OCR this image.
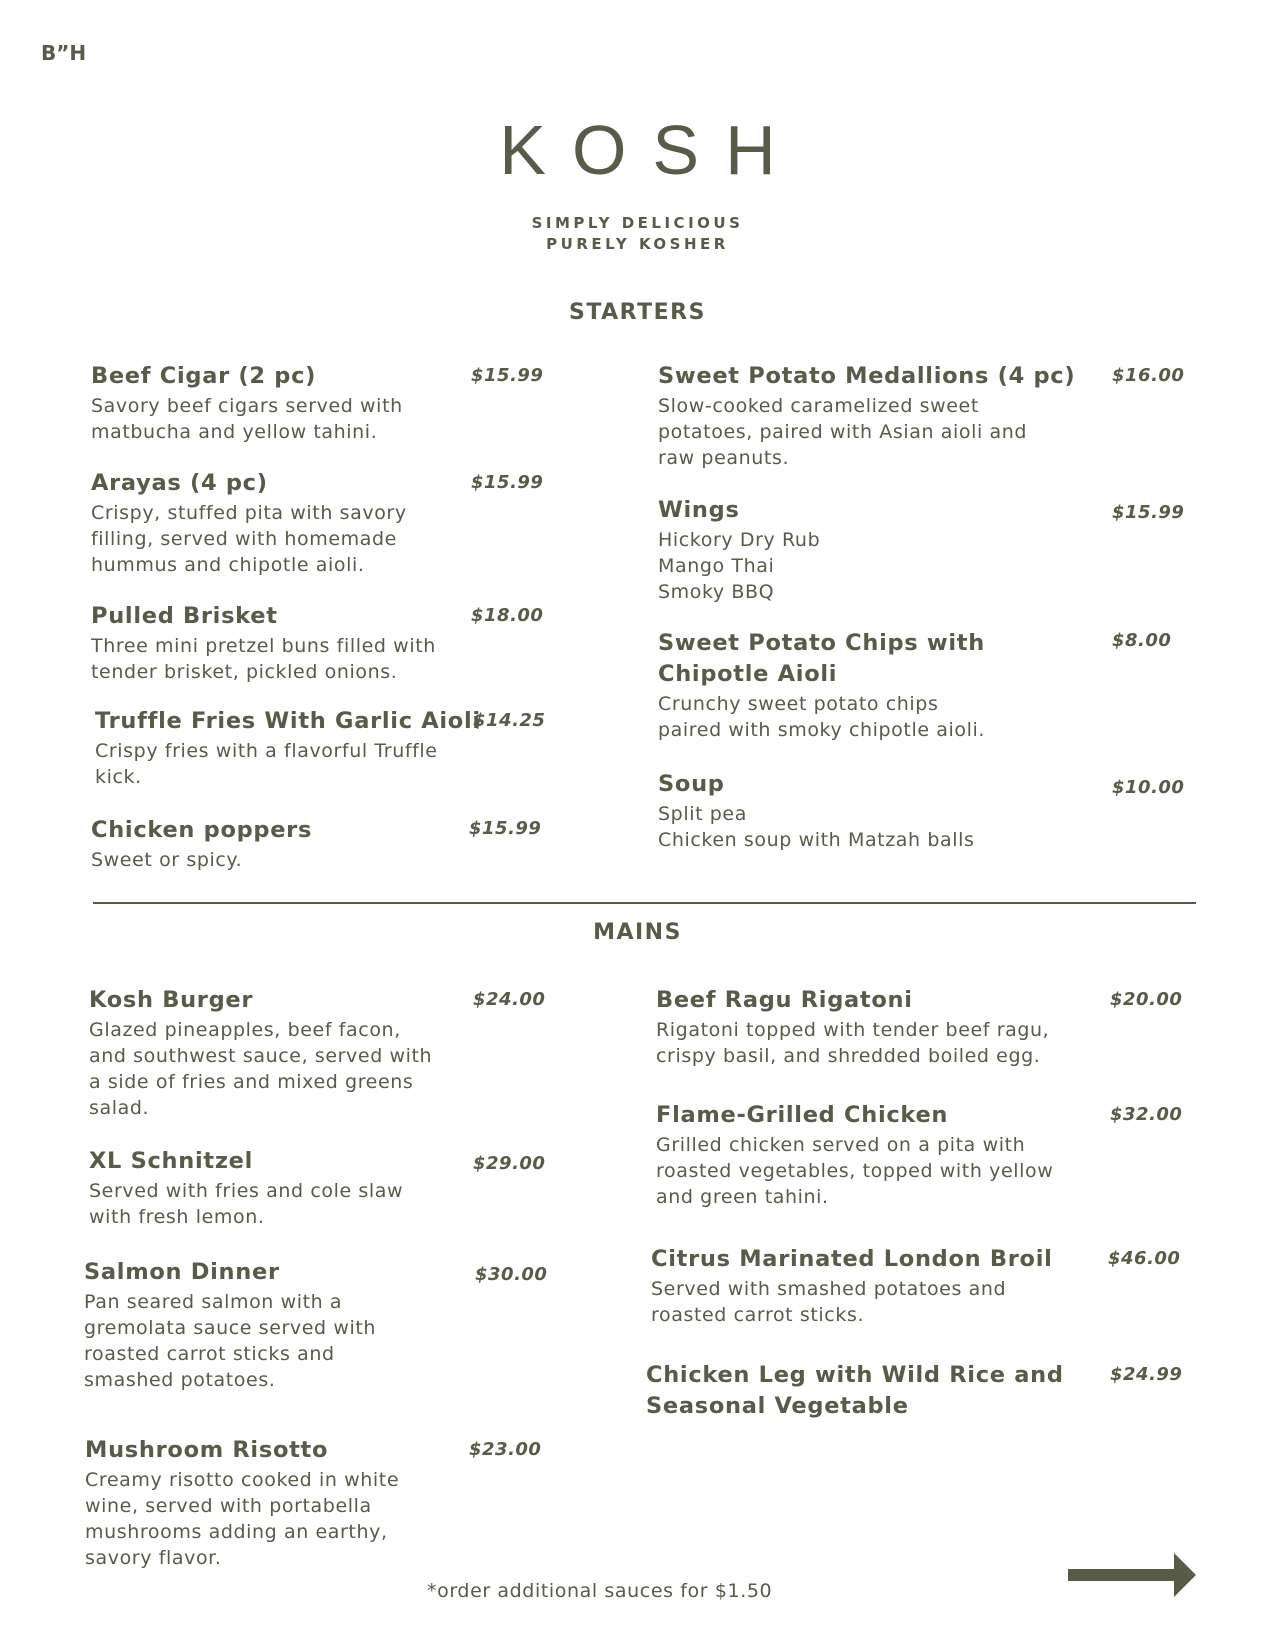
B”H
KOSH
SIMPLY DELICIOUS
PURELY KOSHER
STARTERS
Beef Cigar (2 pc)
Savory beef cigars served with
matbucha and yellow tahini.
$15.99
Arayas (4 pc)
Crispy, stuffed pita with savory
filling, served with homemade
hummus and chipotle aioli.
$15.99
Pulled Brisket
Three mini pretzel buns filled with
tender brisket, pickled onions.
$18.00
Truffle Fries With Garlic Aioli
Crispy fries with a flavorful Truffle
kick.
$14.25
Chicken poppers
Sweet or spicy.
$15.99
Sweet Potato Medallions (4 pc)
Slow-cooked caramelized sweet
potatoes, paired with Asian aioli and
raw peanuts.
$16.00
Wings
Hickory Dry Rub
Mango Thai
Smoky BBQ
$15.99
Sweet Potato Chips with
Chipotle Aioli
Crunchy sweet potato chips
paired with smoky chipotle aioli.
$8.00
Soup
Split pea
Chicken soup with Matzah balls
$10.00
MAINS
Kosh Burger
Glazed pineapples, beef facon,
and southwest sauce, served with
a side of fries and mixed greens
salad.
$24.00
XL Schnitzel
Served with fries and cole slaw
with fresh lemon.
$29.00
Salmon Dinner
Pan seared salmon with a
gremolata sauce served with
roasted carrot sticks and
smashed potatoes.
$30.00
Mushroom Risotto
Creamy risotto cooked in white
wine, served with portabella
mushrooms adding an earthy,
savory flavor.
$23.00
Beef Ragu Rigatoni
Rigatoni topped with tender beef ragu,
crispy basil, and shredded boiled egg.
$20.00
Flame-Grilled Chicken
Grilled chicken served on a pita with
roasted vegetables, topped with yellow
and green tahini.
$32.00
Citrus Marinated London Broil
Served with smashed potatoes and
roasted carrot sticks.
$46.00
Chicken Leg with Wild Rice and
Seasonal Vegetable
$24.99
*order additional sauces for $1.50
